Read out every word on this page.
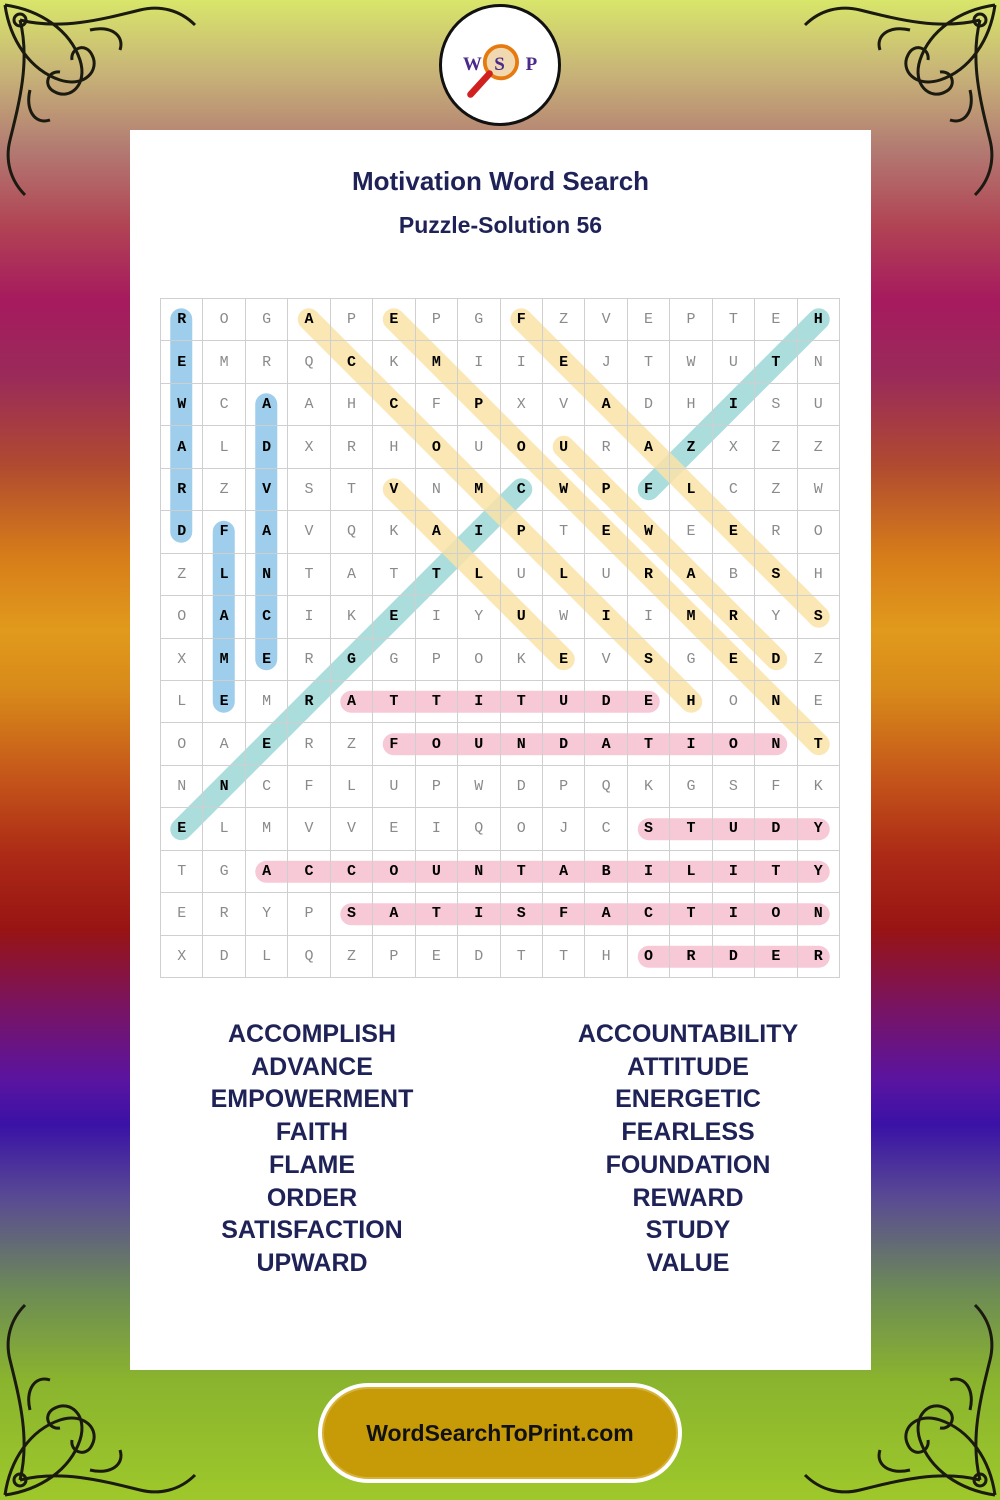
W S P
Motivation Word Search
Puzzle-Solution 56
R	O	G	A	P	E	P	G	F	Z	V	E	P	T	E	H
E	M	R	Q	C	K	M	I	I	E	J	T	W	U	T	N
W	C	A	A	H	C	F	P	X	V	A	D	H	I	S	U
A	L	D	X	R	H	O	U	O	U	R	A	Z	X	Z	Z
R	Z	V	S	T	V	N	M	C	W	P	F	L	C	Z	W
D	F	A	V	Q	K	A	I	P	T	E	W	E	E	R	O
Z	L	N	T	A	T	T	L	U	L	U	R	A	B	S	H
O	A	C	I	K	E	I	Y	U	W	I	I	M	R	Y	S
X	M	E	R	G	G	P	O	K	E	V	S	G	E	D	Z
L	E	M	R	A	T	T	I	T	U	D	E	H	O	N	E
O	A	E	R	Z	F	O	U	N	D	A	T	I	O	N	T
N	N	C	F	L	U	P	W	D	P	Q	K	G	S	F	K
E	L	M	V	V	E	I	Q	O	J	C	S	T	U	D	Y
T	G	A	C	C	O	U	N	T	A	B	I	L	I	T	Y
E	R	Y	P	S	A	T	I	S	F	A	C	T	I	O	N
X	D	L	Q	Z	P	E	D	T	T	H	O	R	D	E	R
ACCOMPLISH
ADVANCE
EMPOWERMENT
FAITH
FLAME
ORDER
SATISFACTION
UPWARD
ACCOUNTABILITY
ATTITUDE
ENERGETIC
FEARLESS
FOUNDATION
REWARD
STUDY
VALUE
WordSearchToPrint.com
